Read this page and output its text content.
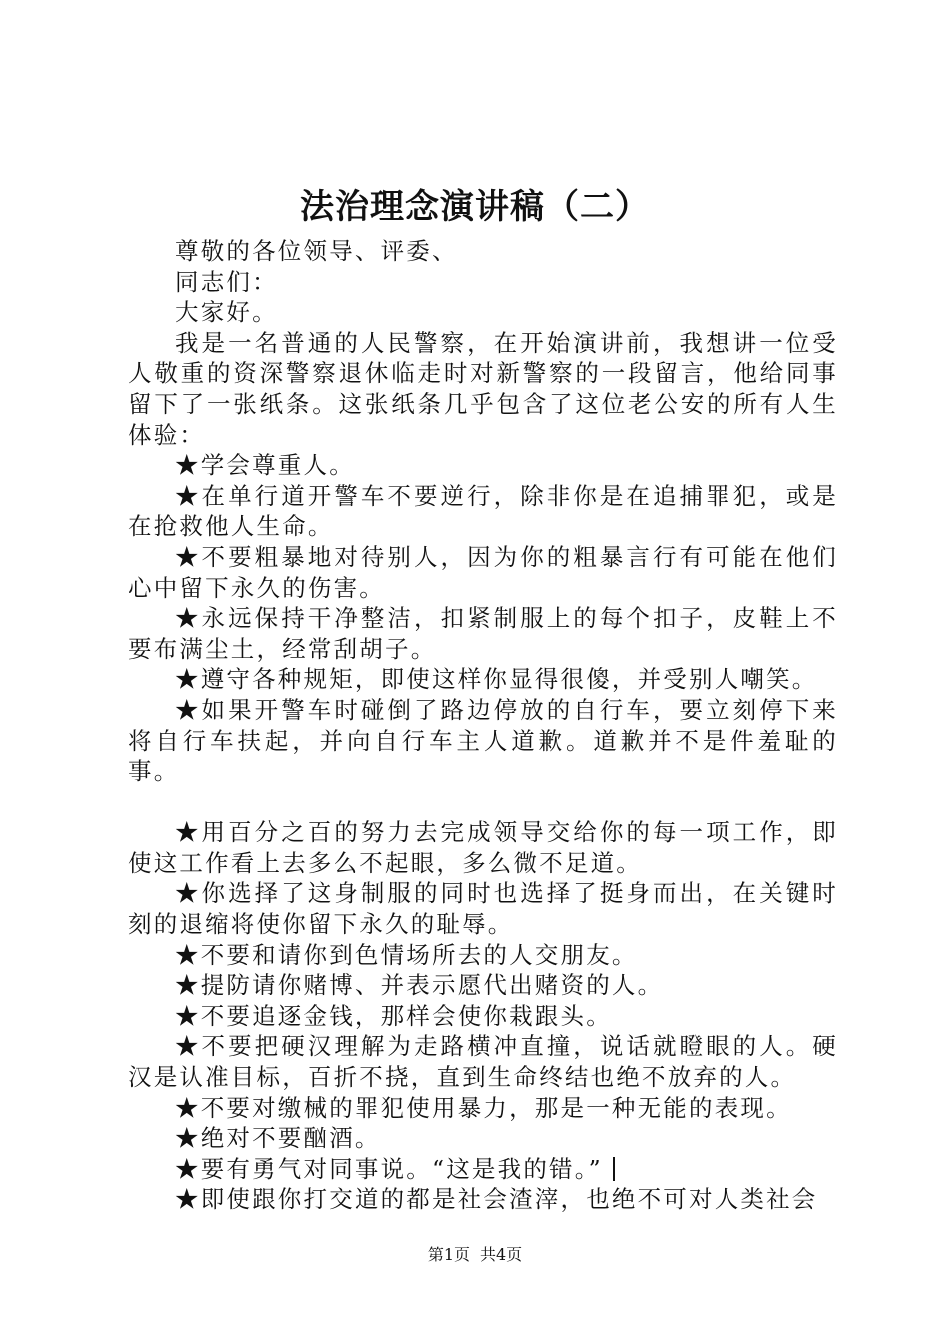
法治理念演讲稿（二）

尊敬的各位领导、评委、

同志们：

大家好。

我是一名普通的人民警察，在开始演讲前，我想讲一位受人敬重的资深警察退休临走时对新警察的一段留言，他给同事留下了一张纸条。这张纸条几乎包含了这位老公安的所有人生体验：

★学会尊重人。

★在单行道开警车不要逆行，除非你是在追捕罪犯，或是在抢救他人生命。

★不要粗暴地对待别人，因为你的粗暴言行有可能在他们心中留下永久的伤害。

★永远保持干净整洁，扣紧制服上的每个扣子，皮鞋上不要布满尘土，经常刮胡子。

★遵守各种规矩，即使这样你显得很傻，并受别人嘲笑。

★如果开警车时碰倒了路边停放的自行车，要立刻停下来将自行车扶起，并向自行车主人道歉。道歉并不是件羞耻的事。

★用百分之百的努力去完成领导交给你的每一项工作，即使这工作看上去多么不起眼，多么微不足道。

★你选择了这身制服的同时也选择了挺身而出，在关键时刻的退缩将使你留下永久的耻辱。

★不要和请你到色情场所去的人交朋友。

★提防请你赌博、并表示愿代出赌资的人。

★不要追逐金钱，那样会使你栽跟头。

★不要把硬汉理解为走路横冲直撞，说话就瞪眼的人。硬汉是认准目标，百折不挠，直到生命终结也绝不放弃的人。

★不要对缴械的罪犯使用暴力，那是一种无能的表现。

★绝对不要酗酒。

★要有勇气对同事说。“这是我的错。”

★即使跟你打交道的都是社会渣滓，也绝不可对人类社会

第1页 共4页
